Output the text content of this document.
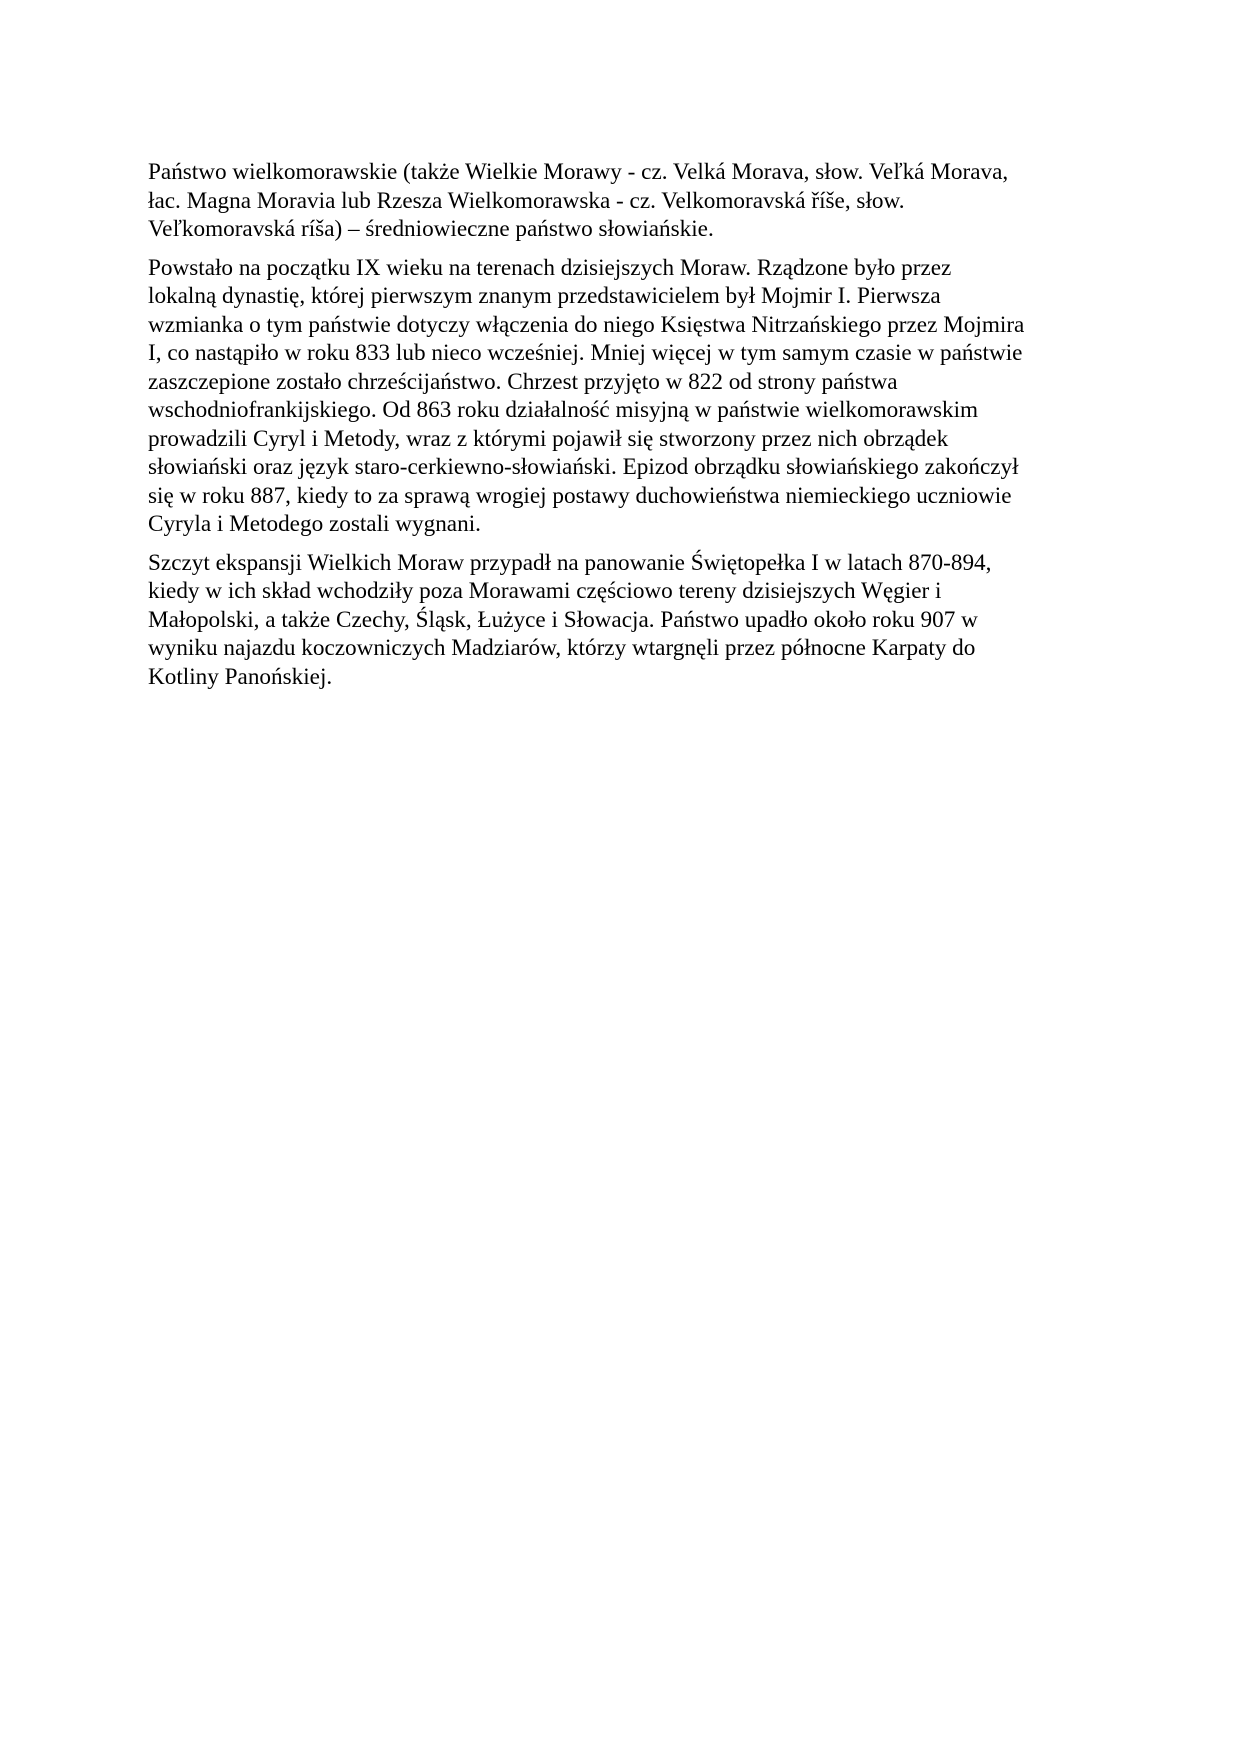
Państwo wielkomorawskie (także Wielkie Morawy - cz. Velká Morava, słow. Veľká Morava,
łac. Magna Moravia lub Rzesza Wielkomorawska - cz. Velkomoravská říše, słow.
Veľkomoravská ríša) – średniowieczne państwo słowiańskie.

Powstało na początku IX wieku na terenach dzisiejszych Moraw. Rządzone było przez
lokalną dynastię, której pierwszym znanym przedstawicielem był Mojmir I. Pierwsza
wzmianka o tym państwie dotyczy włączenia do niego Księstwa Nitrzańskiego przez Mojmira
I, co nastąpiło w roku 833 lub nieco wcześniej. Mniej więcej w tym samym czasie w państwie
zaszczepione zostało chrześcijaństwo. Chrzest przyjęto w 822 od strony państwa
wschodniofrankijskiego. Od 863 roku działalność misyjną w państwie wielkomorawskim
prowadzili Cyryl i Metody, wraz z którymi pojawił się stworzony przez nich obrządek
słowiański oraz język staro-cerkiewno-słowiański. Epizod obrządku słowiańskiego zakończył
się w roku 887, kiedy to za sprawą wrogiej postawy duchowieństwa niemieckiego uczniowie
Cyryla i Metodego zostali wygnani.

Szczyt ekspansji Wielkich Moraw przypadł na panowanie Świętopełka I w latach 870-894,
kiedy w ich skład wchodziły poza Morawami częściowo tereny dzisiejszych Węgier i
Małopolski, a także Czechy, Śląsk, Łużyce i Słowacja. Państwo upadło około roku 907 w
wyniku najazdu koczowniczych Madziarów, którzy wtargnęli przez północne Karpaty do
Kotliny Panońskiej.
